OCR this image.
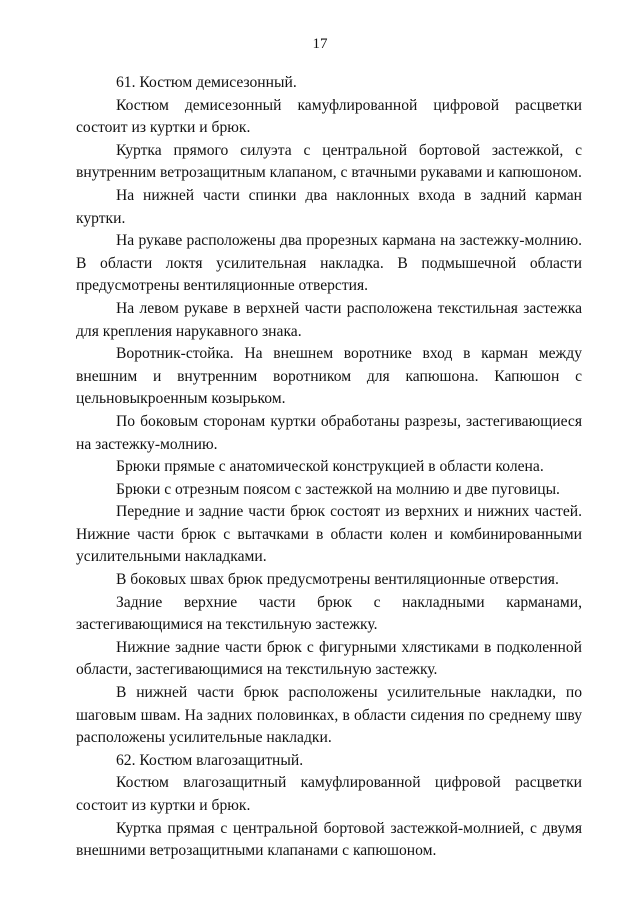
17

61. Костюм демисезонный.

Костюм демисезонный камуфлированной цифровой расцветки состоит из куртки и брюк.

Куртка прямого силуэта с центральной бортовой застежкой, с внутренним ветрозащитным клапаном, с втачными рукавами и капюшоном.

На нижней части спинки два наклонных входа в задний карман куртки.

На рукаве расположены два прорезных кармана на застежку-молнию. В области локтя усилительная накладка. В подмышечной области предусмотрены вентиляционные отверстия.

На левом рукаве в верхней части расположена текстильная застежка для крепления нарукавного знака.

Воротник-стойка. На внешнем воротнике вход в карман между внешним и внутренним воротником для капюшона. Капюшон с цельновыкроенным козырьком.

По боковым сторонам куртки обработаны разрезы, застегивающиеся на застежку-молнию.

Брюки прямые с анатомической конструкцией в области колена.

Брюки с отрезным поясом с застежкой на молнию и две пуговицы.

Передние и задние части брюк состоят из верхних и нижних частей. Нижние части брюк с вытачками в области колен и комбинированными усилительными накладками.

В боковых швах брюк предусмотрены вентиляционные отверстия.

Задние верхние части брюк с накладными карманами, застегивающимися на текстильную застежку.

Нижние задние части брюк с фигурными хлястиками в подколенной области, застегивающимися на текстильную застежку.

В нижней части брюк расположены усилительные накладки, по шаговым швам. На задних половинках, в области сидения по среднему шву расположены усилительные накладки.

62. Костюм влагозащитный.

Костюм влагозащитный камуфлированной цифровой расцветки состоит из куртки и брюк.

Куртка прямая с центральной бортовой застежкой-молнией, с двумя внешними ветрозащитными клапанами с капюшоном.
